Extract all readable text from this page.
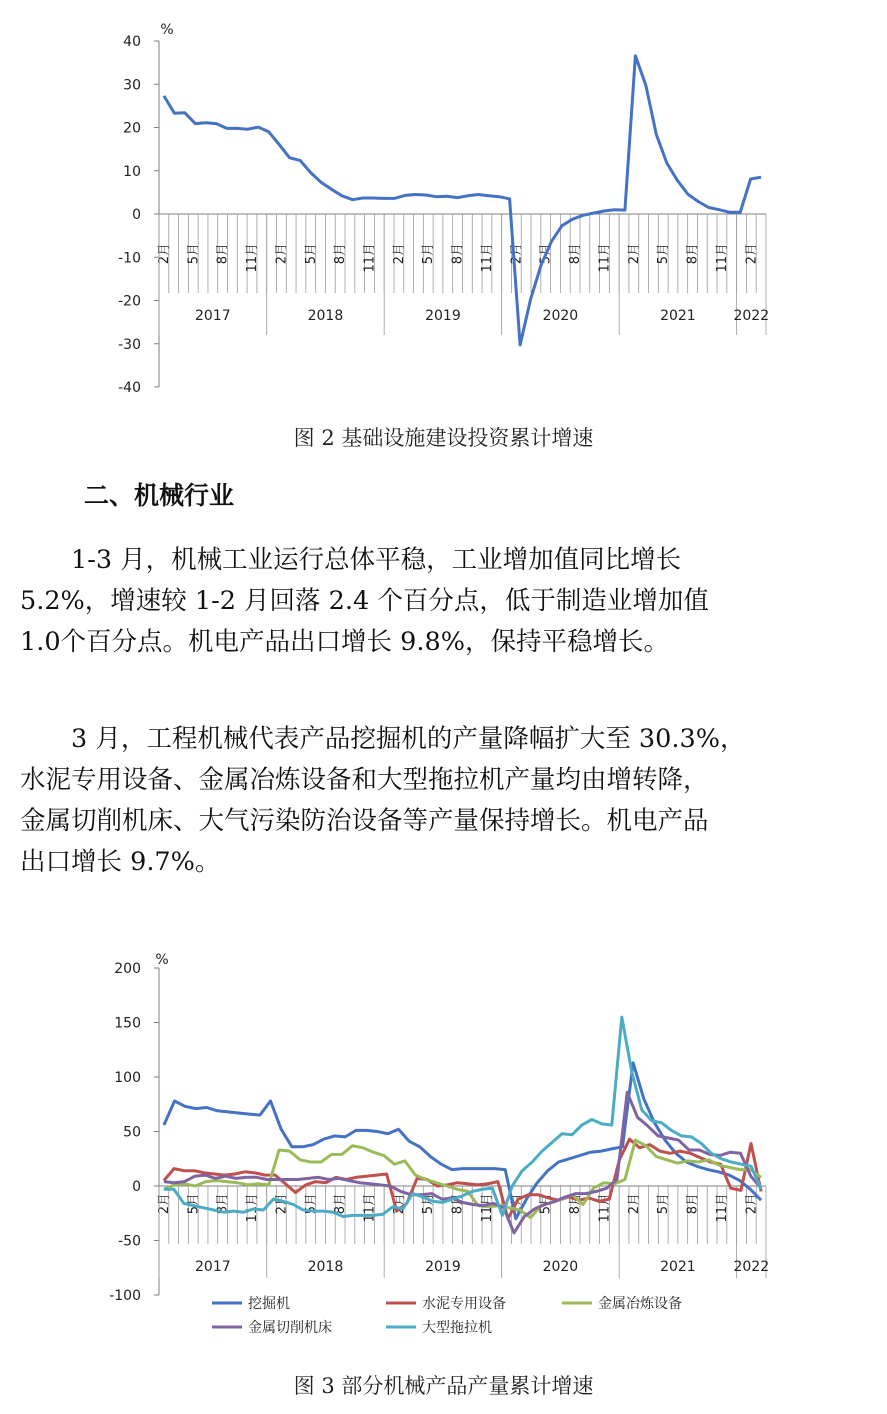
40
30
20
10
0
-10
-20
-30
-40
%
2月 5月 8月 11月
2017
2月 5月 8月 11月
2018
2月 5月 8月 11月
2019
2月 5月 8月 11月
2020
2月 5月 8月 11月
2021
2月
2022
图 2 基础设施建设投资累计增速
二、机械行业
1-3 月，机械工业运行总体平稳，工业增加值同比增长
5.2%，增速较 1-2 月回落 2.4 个百分点，低于制造业增加值
1.0个百分点。机电产品出口增长 9.8%，保持平稳增长。
3 月，工程机械代表产品挖掘机的产量降幅扩大至 30.3%，
水泥专用设备、金属冶炼设备和大型拖拉机产量均由增转降，
金属切削机床、大气污染防治设备等产量保持增长。机电产品
出口增长 9.7%。
200
150
100
50
0
-50
-100
%
2月 5月 8月 11月
2017
2月 5月 8月 11月
2018
2月 5月 8月 11月
2019
2月 5月 8月 11月
2020
2月 5月 8月 11月
2021
2月
2022
挖掘机	水泥专用设备	金属冶炼设备
金属切削机床	大型拖拉机
图 3 部分机械产品产量累计增速
